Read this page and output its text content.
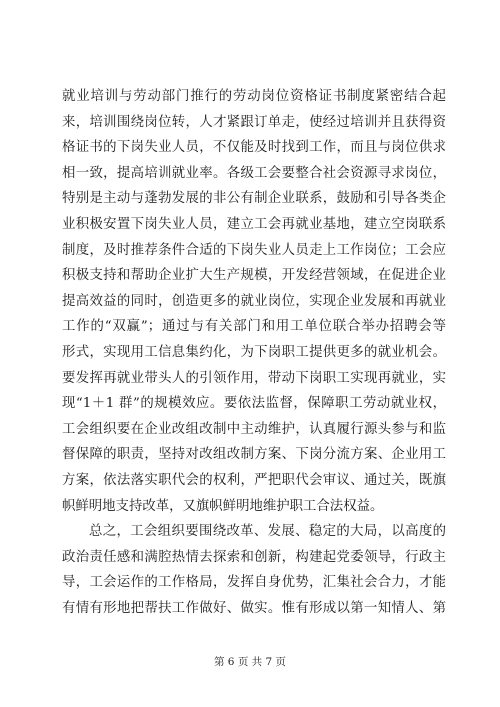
就业培训与劳动部门推行的劳动岗位资格证书制度紧密结合起
来，培训围绕岗位转，人才紧跟订单走，使经过培训并且获得资
格证书的下岗失业人员，不仅能及时找到工作，而且与岗位供求
相一致，提高培训就业率。各级工会要整合社会资源寻求岗位，
特别是主动与蓬勃发展的非公有制企业联系，鼓励和引导各类企
业积极安置下岗失业人员，建立工会再就业基地，建立空岗联系
制度，及时推荐条件合适的下岗失业人员走上工作岗位；工会应
积极支持和帮助企业扩大生产规模，开发经营领域，在促进企业
提高效益的同时，创造更多的就业岗位，实现企业发展和再就业
工作的“双赢”；通过与有关部门和用工单位联合举办招聘会等
形式，实现用工信息集约化，为下岗职工提供更多的就业机会。
要发挥再就业带头人的引领作用，带动下岗职工实现再就业，实
现“1＋1 群”的规模效应。要依法监督，保障职工劳动就业权，
工会组织要在企业改组改制中主动维护，认真履行源头参与和监
督保障的职责，坚持对改组改制方案、下岗分流方案、企业用工
方案，依法落实职代会的权利，严把职代会审议、通过关，既旗
帜鲜明地支持改革，又旗帜鲜明地维护职工合法权益。
总之，工会组织要围绕改革、发展、稳定的大局，以高度的
政治责任感和满腔热情去探索和创新，构建起党委领导，行政主
导，工会运作的工作格局，发挥自身优势，汇集社会合力，才能
有情有形地把帮扶工作做好、做实。惟有形成以第一知情人、第
第 6 页 共 7 页
